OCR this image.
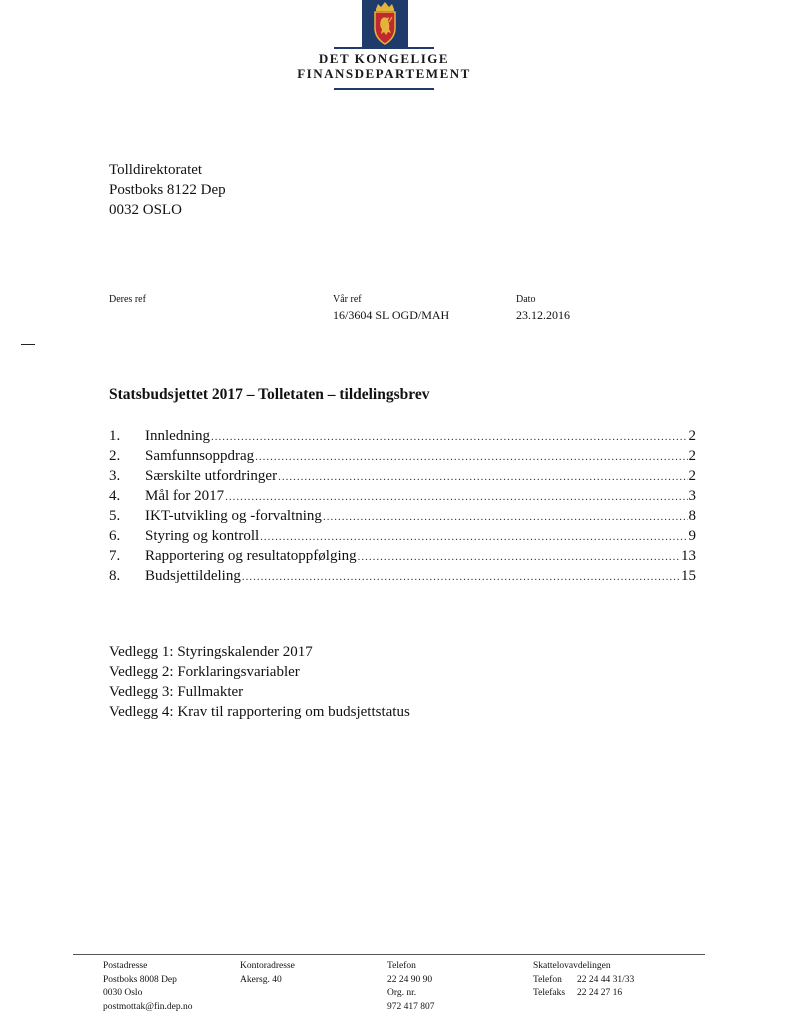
DET KONGELIGE
FINANSDEPARTEMENT
Tolldirektoratet
Postboks 8122 Dep
0032 OSLO
Deres ref	Vår ref
16/3604 SL OGD/MAH
Dato
23.12.2016
Statsbudsjettet 2017 – Tolletaten – tildelingsbrev
1.	Innledning .....	2
2.	Samfunnsoppdrag .....	2
3.	Særskilte utfordringer .....	2
4.	Mål for 2017 .....	3
5.	IKT-utvikling og -forvaltning .....	8
6.	Styring og kontroll .....	9
7.	Rapportering og resultatoppfølging .....	13
8.	Budsjettildeling .....	15
Vedlegg 1: Styringskalender 2017
Vedlegg 2: Forklaringsvariabler
Vedlegg 3: Fullmakter
Vedlegg 4: Krav til rapportering om budsjettstatus
Postadresse
Postboks 8008 Dep
0030 Oslo
postmottak@fin.dep.no
Kontoradresse
Akersg. 40
Telefon
22 24 90 90
Org. nr.
972 417 807
Skattelovavdelingen
Telefon	22 24 44 31/33
Telefaks	22 24 27 16
